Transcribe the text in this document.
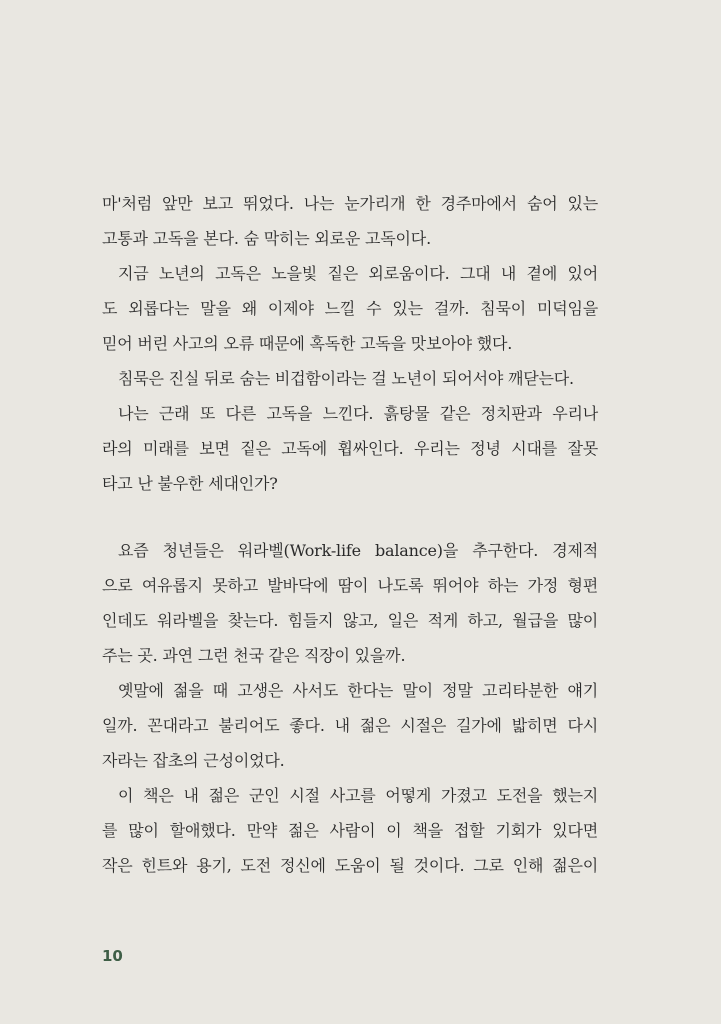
마'처럼 앞만 보고 뛰었다. 나는 눈가리개 한 경주마에서 숨어 있는
고통과 고독을 본다. 숨 막히는 외로운 고독이다.
지금 노년의 고독은 노을빛 짙은 외로움이다. 그대 내 곁에 있어
도 외롭다는 말을 왜 이제야 느낄 수 있는 걸까. 침묵이 미덕임을
믿어 버린 사고의 오류 때문에 혹독한 고독을 맛보아야 했다.
침묵은 진실 뒤로 숨는 비겁함이라는 걸 노년이 되어서야 깨닫는다.
나는 근래 또 다른 고독을 느낀다. 흙탕물 같은 정치판과 우리나
라의 미래를 보면 짙은 고독에 휩싸인다. 우리는 정녕 시대를 잘못
타고 난 불우한 세대인가?
요즘 청년들은 워라벨(Work-life balance)을 추구한다. 경제적
으로 여유롭지 못하고 발바닥에 땀이 나도록 뛰어야 하는 가정 형편
인데도 워라벨을 찾는다. 힘들지 않고, 일은 적게 하고, 월급을 많이
주는 곳. 과연 그런 천국 같은 직장이 있을까.
옛말에 젊을 때 고생은 사서도 한다는 말이 정말 고리타분한 얘기
일까. 꼰대라고 불리어도 좋다. 내 젊은 시절은 길가에 밟히면 다시
자라는 잡초의 근성이었다.
이 책은 내 젊은 군인 시절 사고를 어떻게 가졌고 도전을 했는지
를 많이 할애했다. 만약 젊은 사람이 이 책을 접할 기회가 있다면
작은 힌트와 용기, 도전 정신에 도움이 될 것이다. 그로 인해 젊은이
10
